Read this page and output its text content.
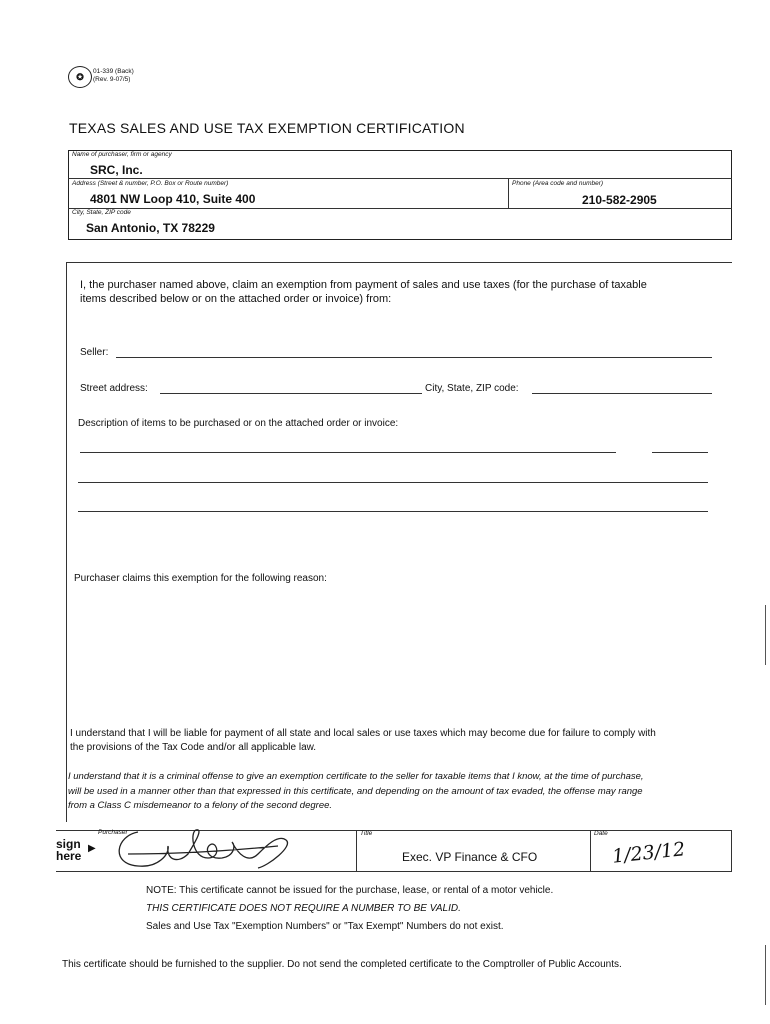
✪
01-339 (Back)
(Rev. 9-07/5)
TEXAS SALES AND USE TAX EXEMPTION CERTIFICATION
Name of purchaser, firm or agency
SRC, Inc.
Address (Street & number, P.O. Box or Route number)
4801 NW Loop 410, Suite 400
Phone (Area code and number)
210-582-2905
City, State, ZIP code
San Antonio, TX 78229
I, the purchaser named above, claim an exemption from payment of sales and use taxes (for the purchase of taxable
items described below or on the attached order or invoice) from:
Seller:
Street address:	City, State, ZIP code:
Description of items to be purchased or on the attached order or invoice:
Purchaser claims this exemption for the following reason:
I understand that I will be liable for payment of all state and local sales or use taxes which may become due for failure to comply with
the provisions of the Tax Code and/or all applicable law.
I understand that it is a criminal offense to give an exemption certificate to the seller for taxable items that I know, at the time of purchase,
will be used in a manner other than that expressed in this certificate, and depending on the amount of tax evaded, the offense may range
from a Class C misdemeanor to a felony of the second degree.
sign here
▶
Purchaser	Title
Exec. VP Finance & CFO
Date
1/23/12
NOTE: This certificate cannot be issued for the purchase, lease, or rental of a motor vehicle.
THIS CERTIFICATE DOES NOT REQUIRE A NUMBER TO BE VALID.
Sales and Use Tax "Exemption Numbers" or "Tax Exempt" Numbers do not exist.
This certificate should be furnished to the supplier. Do not send the completed certificate to the Comptroller of Public Accounts.
